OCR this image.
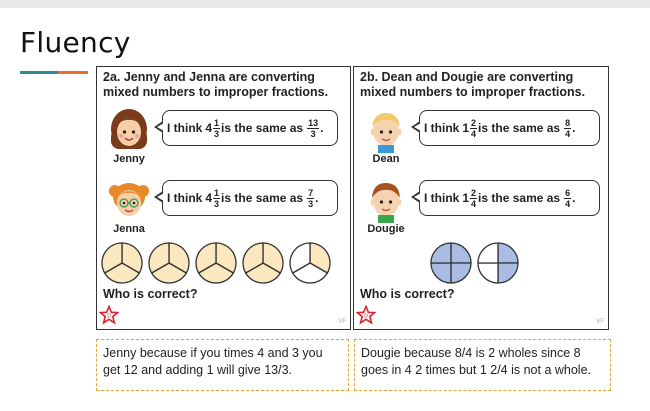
Fluency
2a. Jenny and Jenna are converting mixed numbers to improper fractions.
Jenny
I think $4 \frac{1}{3}$ is the same as $\frac{13}{3}$ .
Jenna
I think $4 \frac{1}{3}$ is the same as $\frac{7}{3}$ .
Who is correct?
D
VF
2b. Dean and Dougie are converting mixed numbers to improper fractions.
Dean
I think $1 \frac{2}{4}$ is the same as $\frac{8}{4}$ .
Dougie
I think $1 \frac{2}{4}$ is the same as $\frac{6}{4}$ .
Who is correct?
D
VF
Jenny because if you times 4 and 3 you get 12 and adding 1 will give 13/3.
Dougie because 8/4 is 2 wholes since 8 goes in 4 2 times but 1 2/4 is not a whole.
